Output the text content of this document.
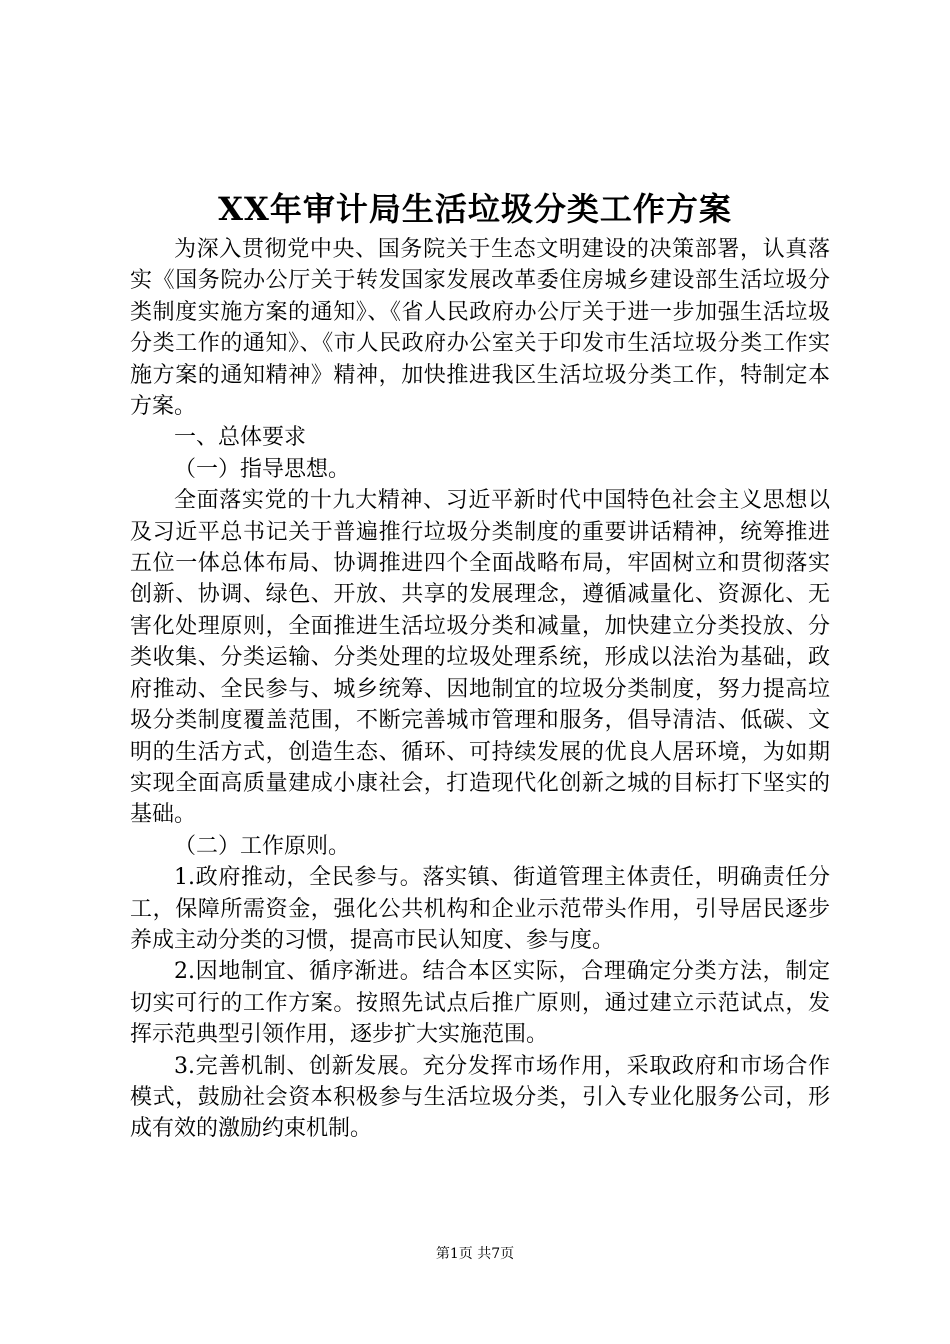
XX年审计局生活垃圾分类工作方案

为深入贯彻党中央、国务院关于生态文明建设的决策部署，认真落实《国务院办公厅关于转发国家发展改革委住房城乡建设部生活垃圾分类制度实施方案的通知》、《省人民政府办公厅关于进一步加强生活垃圾分类工作的通知》、《市人民政府办公室关于印发市生活垃圾分类工作实施方案的通知精神》精神，加快推进我区生活垃圾分类工作，特制定本方案。

一、总体要求

（一）指导思想。

全面落实党的十九大精神、习近平新时代中国特色社会主义思想以及习近平总书记关于普遍推行垃圾分类制度的重要讲话精神，统筹推进五位一体总体布局、协调推进四个全面战略布局，牢固树立和贯彻落实创新、协调、绿色、开放、共享的发展理念，遵循减量化、资源化、无害化处理原则，全面推进生活垃圾分类和减量，加快建立分类投放、分类收集、分类运输、分类处理的垃圾处理系统，形成以法治为基础，政府推动、全民参与、城乡统筹、因地制宜的垃圾分类制度，努力提高垃圾分类制度覆盖范围，不断完善城市管理和服务，倡导清洁、低碳、文明的生活方式，创造生态、循环、可持续发展的优良人居环境，为如期实现全面高质量建成小康社会，打造现代化创新之城的目标打下坚实的基础。

（二）工作原则。

1.政府推动，全民参与。落实镇、街道管理主体责任，明确责任分工，保障所需资金，强化公共机构和企业示范带头作用，引导居民逐步养成主动分类的习惯，提高市民认知度、参与度。

2.因地制宜、循序渐进。结合本区实际，合理确定分类方法，制定切实可行的工作方案。按照先试点后推广原则，通过建立示范试点，发挥示范典型引领作用，逐步扩大实施范围。

3.完善机制、创新发展。充分发挥市场作用，采取政府和市场合作模式，鼓励社会资本积极参与生活垃圾分类，引入专业化服务公司，形成有效的激励约束机制。

第1页 共7页
